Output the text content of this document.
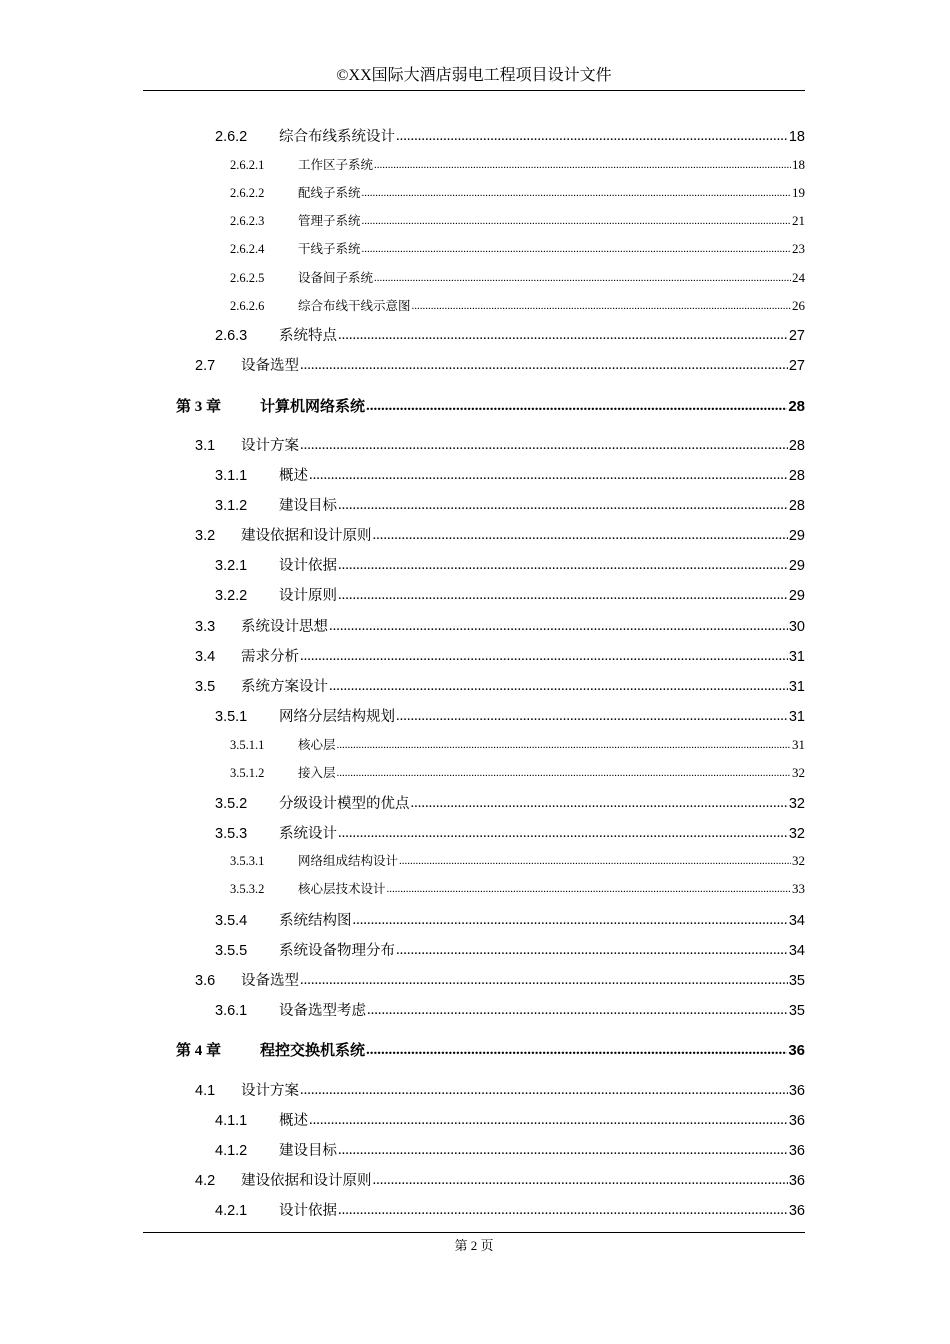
©XX国际大酒店弱电工程项目设计文件
2.6.2	综合布线系统设计 .....	18
2.6.2.1	工作区子系统 .....	18
2.6.2.2	配线子系统 .....	19
2.6.2.3	管理子系统 .....	21
2.6.2.4	干线子系统 .....	23
2.6.2.5	设备间子系统 .....	24
2.6.2.6	综合布线干线示意图 .....	26
2.6.3	系统特点 .....	27
2.7	设备选型 .....	27
第 3 章	计算机网络系统 .....	28
3.1	设计方案 .....	28
3.1.1	概述 .....	28
3.1.2	建设目标 .....	28
3.2	建设依据和设计原则 .....	29
3.2.1	设计依据 .....	29
3.2.2	设计原则 .....	29
3.3	系统设计思想 .....	30
3.4	需求分析 .....	31
3.5	系统方案设计 .....	31
3.5.1	网络分层结构规划 .....	31
3.5.1.1	核心层 .....	31
3.5.1.2	接入层 .....	32
3.5.2	分级设计模型的优点 .....	32
3.5.3	系统设计 .....	32
3.5.3.1	网络组成结构设计 .....	32
3.5.3.2	核心层技术设计 .....	33
3.5.4	系统结构图 .....	34
3.5.5	系统设备物理分布 .....	34
3.6	设备选型 .....	35
3.6.1	设备选型考虑 .....	35
第 4 章	程控交换机系统 .....	36
4.1	设计方案 .....	36
4.1.1	概述 .....	36
4.1.2	建设目标 .....	36
4.2	建设依据和设计原则 .....	36
4.2.1	设计依据 .....	36
第 2 页
